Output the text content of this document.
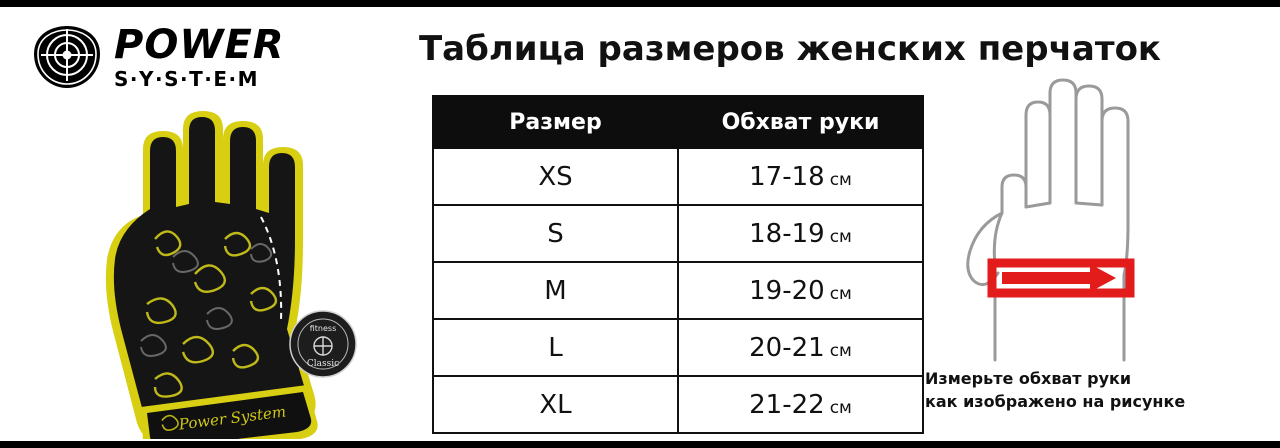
POWER
S·Y·S·T·E·M
Таблица размеров женских перчаток
fitness
Classic
Power System
Размер	Обхват руки
XS	17-18 см
S	18-19 см
M	19-20 см
L	20-21 см
XL	21-22 см
Измерьте обхват руки
как изображено на рисунке
